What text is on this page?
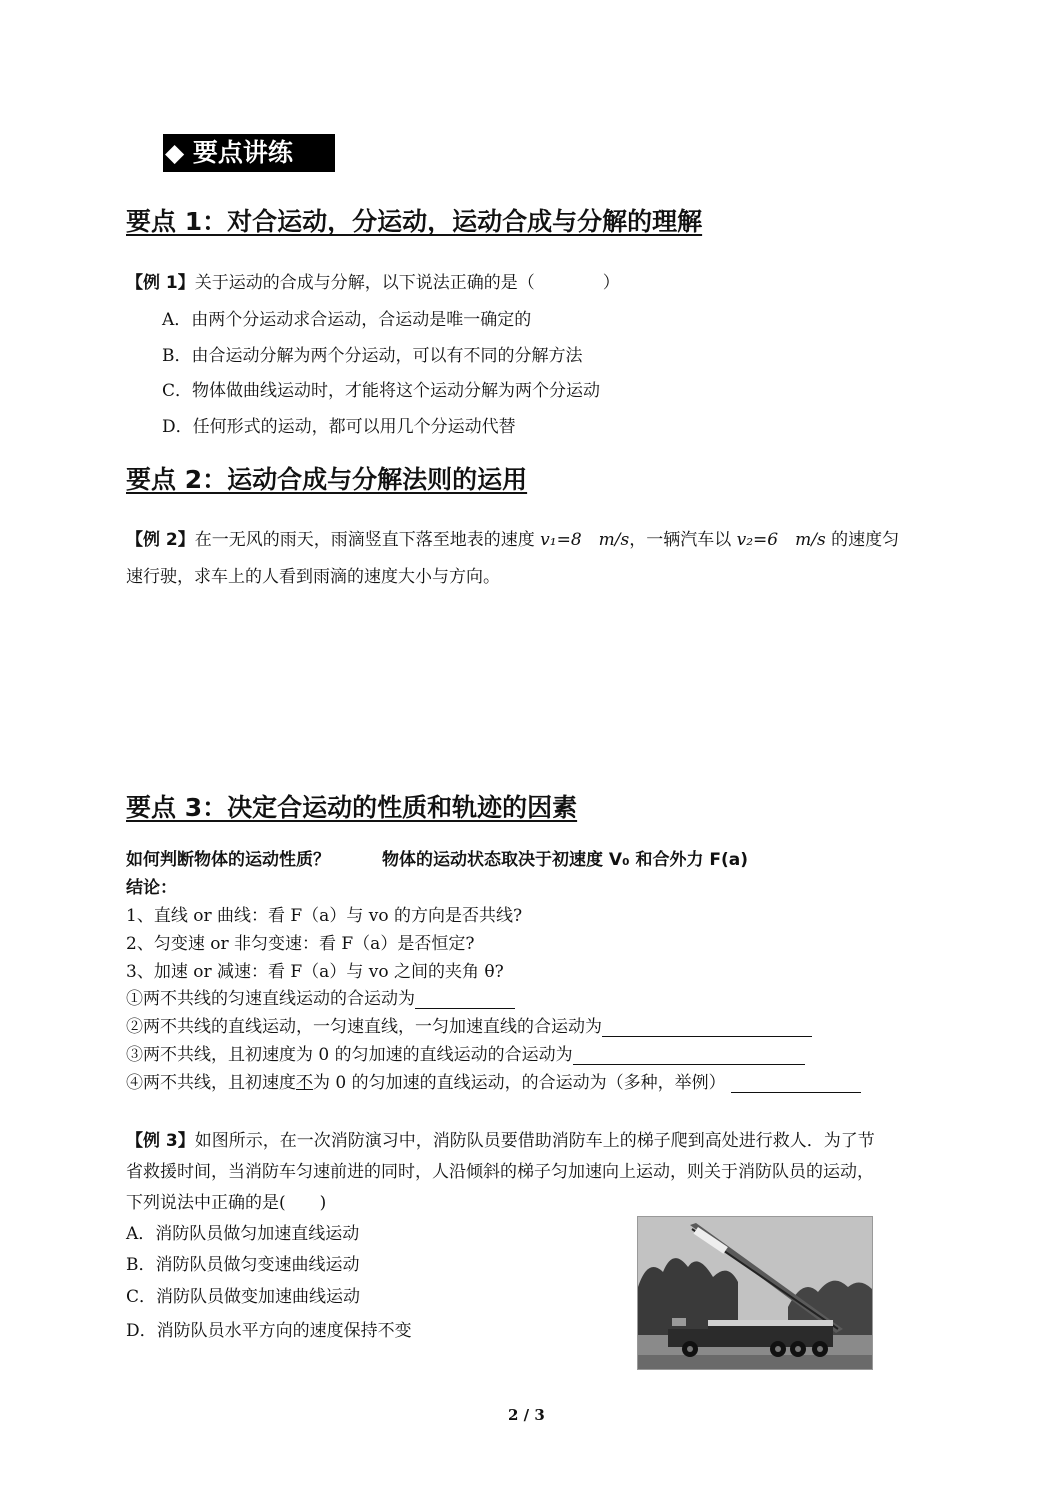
◆ 要点讲练
要点 1：对合运动，分运动，运动合成与分解的理解
【例 1】关于运动的合成与分解，以下说法正确的是（　　　　）
A．由两个分运动求合运动，合运动是唯一确定的
B．由合运动分解为两个分运动，可以有不同的分解方法
C．物体做曲线运动时，才能将这个运动分解为两个分运动
D．任何形式的运动，都可以用几个分运动代替
要点 2：运动合成与分解法则的运用
【例 2】在一无风的雨天，雨滴竖直下落至地表的速度 v₁=8　m/s，一辆汽车以 v₂=6　m/s 的速度匀
速行驶，求车上的人看到雨滴的速度大小与方向。
要点 3：决定合运动的性质和轨迹的因素
如何判断物体的运动性质？	物体的运动状态取决于初速度 V₀ 和合外力 F(a)
结论：
1、直线 or 曲线：看 F（a）与 vo 的方向是否共线?
2、匀变速 or 非匀变速：看 F（a）是否恒定?
3、加速 or 减速：看 F（a）与 vo 之间的夹角 θ?
①两不共线的匀速直线运动的合运动为
②两不共线的直线运动，一匀速直线，一匀加速直线的合运动为
③两不共线，且初速度为 0 的匀加速的直线运动的合运动为
④两不共线，且初速度不为 0 的匀加速的直线运动，的合运动为（多种，举例）
【例 3】如图所示，在一次消防演习中，消防队员要借助消防车上的梯子爬到高处进行救人．为了节
省救援时间，当消防车匀速前进的同时，人沿倾斜的梯子匀加速向上运动，则关于消防队员的运动，
下列说法中正确的是(　　)
A．消防队员做匀加速直线运动
B．消防队员做匀变速曲线运动
C．消防队员做变加速曲线运动
D．消防队员水平方向的速度保持不变
2 / 3
